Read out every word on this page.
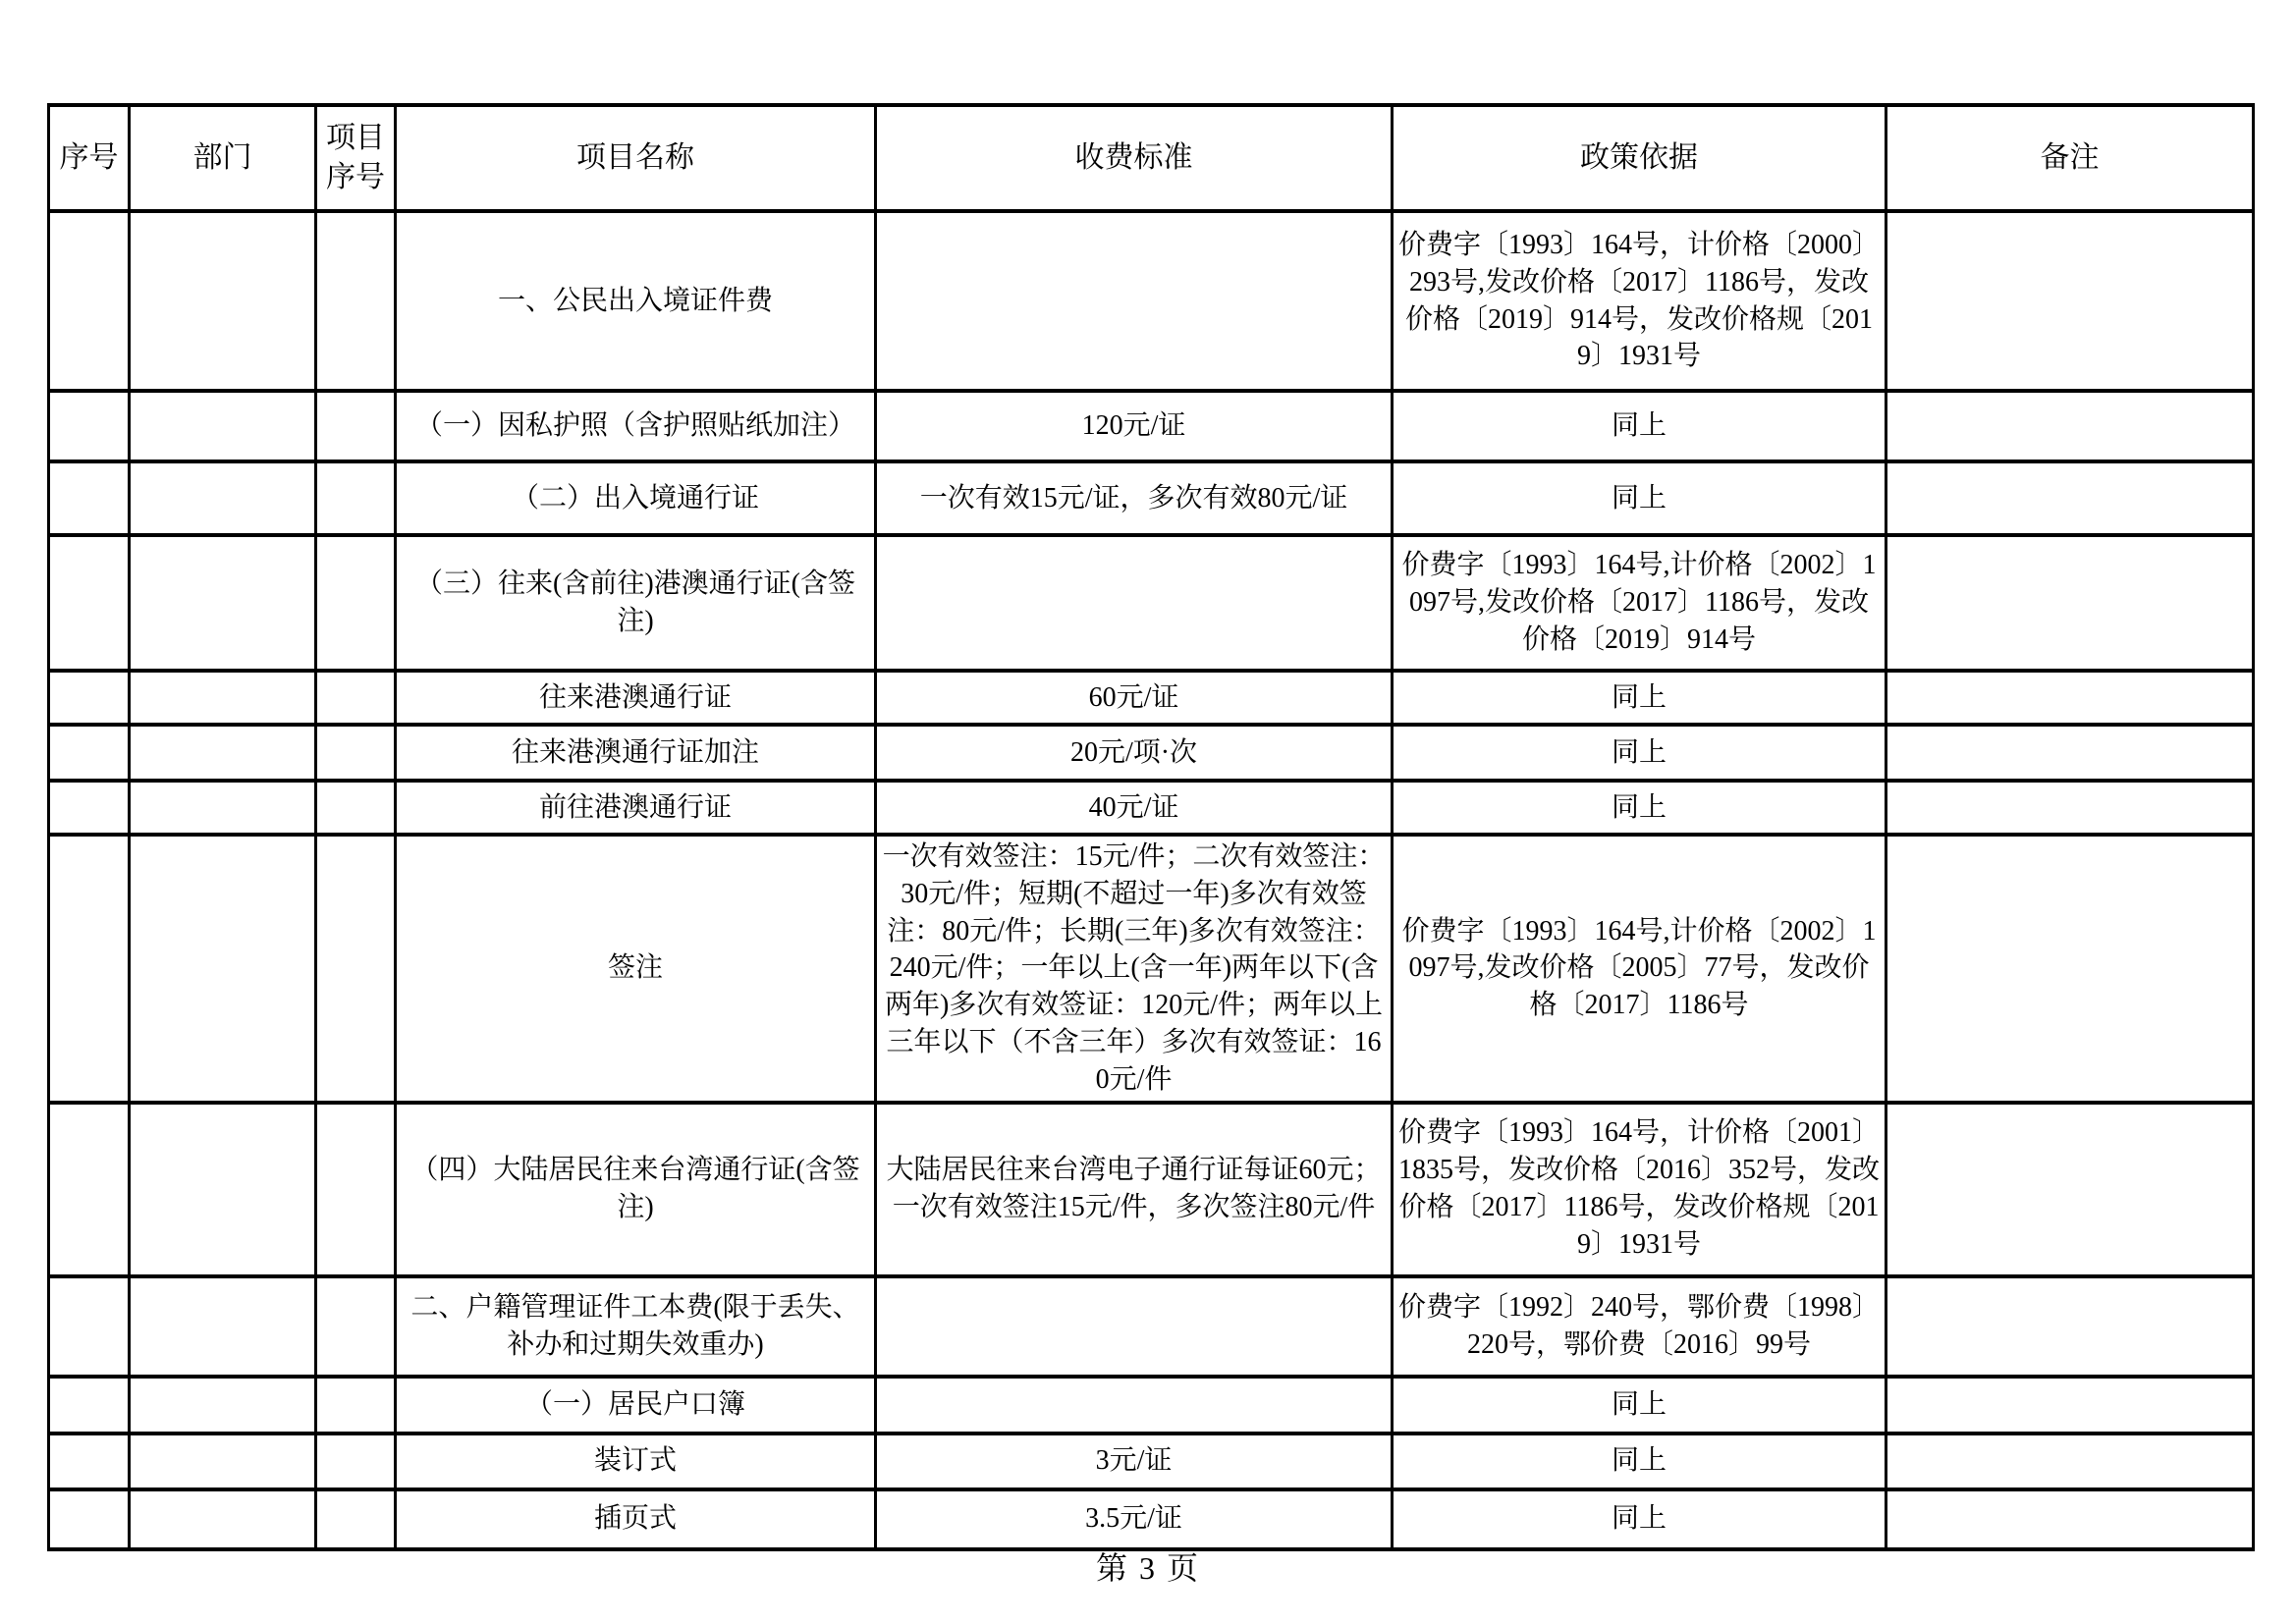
序号	部门	项目序号	项目名称	收费标准	政策依据	备注
			一、公民出入境证件费		价费字〔1993〕164号，计价格〔2000〕293号,发改价格〔2017〕1186号，发改价格〔2019〕914号，发改价格规〔2019〕1931号	
			（一）因私护照（含护照贴纸加注）	120元/证	同上	
			（二）出入境通行证	一次有效15元/证，多次有效80元/证	同上	
			（三）往来(含前往)港澳通行证(含签注)		价费字〔1993〕164号,计价格〔2002〕1097号,发改价格〔2017〕1186号，发改价格〔2019〕914号	
			往来港澳通行证	60元/证	同上	
			往来港澳通行证加注	20元/项·次	同上	
			前往港澳通行证	40元/证	同上	
			签注	一次有效签注：15元/件；二次有效签注：30元/件；短期(不超过一年)多次有效签注：80元/件；长期(三年)多次有效签注：240元/件；一年以上(含一年)两年以下(含两年)多次有效签证：120元/件；两年以上三年以下（不含三年）多次有效签证：160元/件	价费字〔1993〕164号,计价格〔2002〕1097号,发改价格〔2005〕77号，发改价格〔2017〕1186号	
			（四）大陆居民往来台湾通行证(含签注)	大陆居民往来台湾电子通行证每证60元；一次有效签注15元/件，多次签注80元/件	价费字〔1993〕164号，计价格〔2001〕1835号，发改价格〔2016〕352号，发改价格〔2017〕1186号，发改价格规〔2019〕1931号	
			二、户籍管理证件工本费(限于丢失、补办和过期失效重办)		价费字〔1992〕240号，鄂价费〔1998〕220号，鄂价费〔2016〕99号	
			（一）居民户口簿		同上	
			装订式	3元/证	同上	
			插页式	3.5元/证	同上	
第 3 页
